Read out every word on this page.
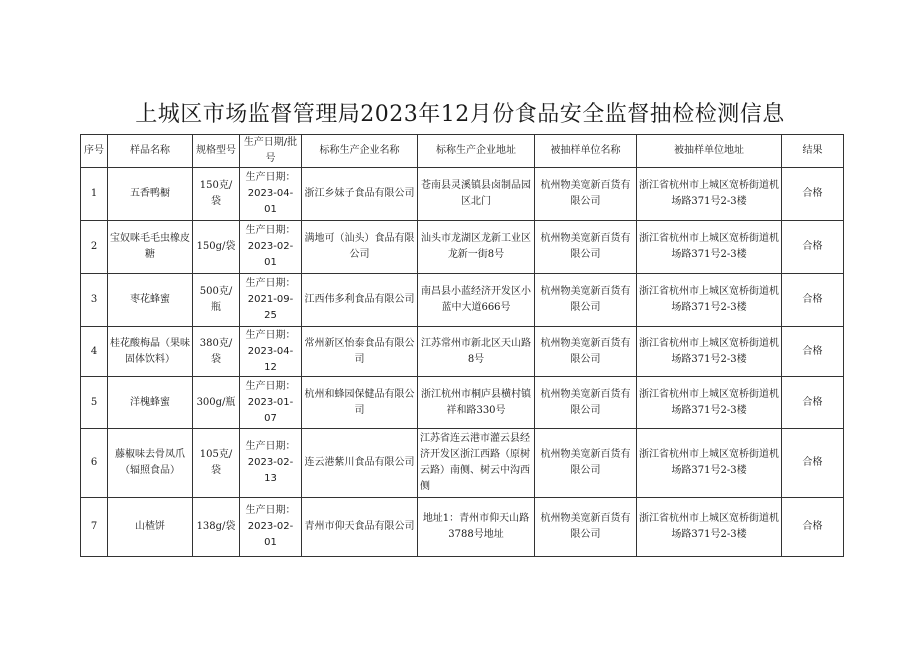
上城区市场监督管理局2023年12月份食品安全监督抽检检测信息
序号	样品名称	规格型号	生产日期/批号	标称生产企业名称	标称生产企业地址	被抽样单位名称	被抽样单位地址	结果
1	五香鸭橱	150克/袋	生产日期：2023-04-01	浙江乡妹子食品有限公司	苍南县灵溪镇县卤制品园区北门	杭州物美宽新百货有限公司	浙江省杭州市上城区宽桥街道机场路371号2-3楼	合格
2	宝奴咪毛毛虫橡皮糖	150g/袋	生产日期：2023-02-01	满地可（汕头）食品有限公司	汕头市龙湖区龙新工业区龙新一街8号	杭州物美宽新百货有限公司	浙江省杭州市上城区宽桥街道机场路371号2-3楼	合格
3	枣花蜂蜜	500克/瓶	生产日期：2021-09-25	江西伟多利食品有限公司	南昌县小蓝经济开发区小蓝中大道666号	杭州物美宽新百货有限公司	浙江省杭州市上城区宽桥街道机场路371号2-3楼	合格
4	桂花酸梅晶（果味固体饮料）	380克/袋	生产日期：2023-04-12	常州新区怡泰食品有限公司	江苏常州市新北区天山路8号	杭州物美宽新百货有限公司	浙江省杭州市上城区宽桥街道机场路371号2-3楼	合格
5	洋槐蜂蜜	300g/瓶	生产日期：2023-01-07	杭州和蜂园保健品有限公司	浙江杭州市桐庐县横村镇祥和路330号	杭州物美宽新百货有限公司	浙江省杭州市上城区宽桥街道机场路371号2-3楼	合格
6	藤椒味去骨凤爪（辐照食品）	105克/袋	生产日期：2023-02-13	连云港紫川食品有限公司	江苏省连云港市灌云县经济开发区浙江西路（原树云路）南侧、树云中沟西侧	杭州物美宽新百货有限公司	浙江省杭州市上城区宽桥街道机场路371号2-3楼	合格
7	山楂饼	138g/袋	生产日期：2023-02-01	青州市仰天食品有限公司	地址1：青州市仰天山路3788号地址	杭州物美宽新百货有限公司	浙江省杭州市上城区宽桥街道机场路371号2-3楼	合格
